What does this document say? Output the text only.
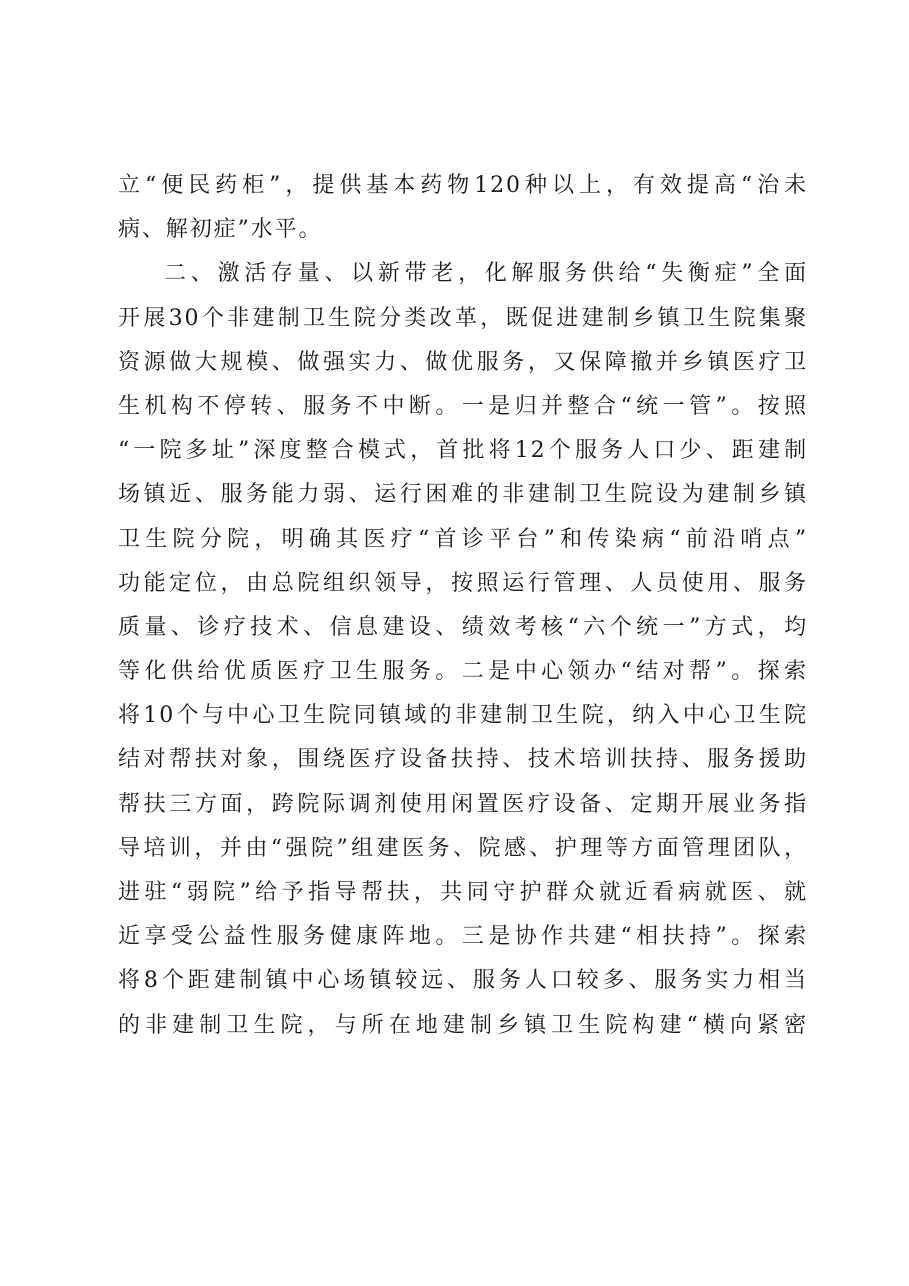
立“便民药柜”，提供基本药物120种以上，有效提高“治未
病、解初症”水平。
二、激活存量、以新带老，化解服务供给“失衡症”全面
开展30个非建制卫生院分类改革，既促进建制乡镇卫生院集聚
资源做大规模、做强实力、做优服务，又保障撤并乡镇医疗卫
生机构不停转、服务不中断。一是归并整合“统一管”。按照
“一院多址”深度整合模式，首批将12个服务人口少、距建制
场镇近、服务能力弱、运行困难的非建制卫生院设为建制乡镇
卫生院分院，明确其医疗“首诊平台”和传染病“前沿哨点”
功能定位，由总院组织领导，按照运行管理、人员使用、服务
质量、诊疗技术、信息建设、绩效考核“六个统一”方式，均
等化供给优质医疗卫生服务。二是中心领办“结对帮”。探索
将10个与中心卫生院同镇域的非建制卫生院，纳入中心卫生院
结对帮扶对象，围绕医疗设备扶持、技术培训扶持、服务援助
帮扶三方面，跨院际调剂使用闲置医疗设备、定期开展业务指
导培训，并由“强院”组建医务、院感、护理等方面管理团队，
进驻“弱院”给予指导帮扶，共同守护群众就近看病就医、就
近享受公益性服务健康阵地。三是协作共建“相扶持”。探索
将8个距建制镇中心场镇较远、服务人口较多、服务实力相当
的非建制卫生院，与所在地建制乡镇卫生院构建“横向紧密
